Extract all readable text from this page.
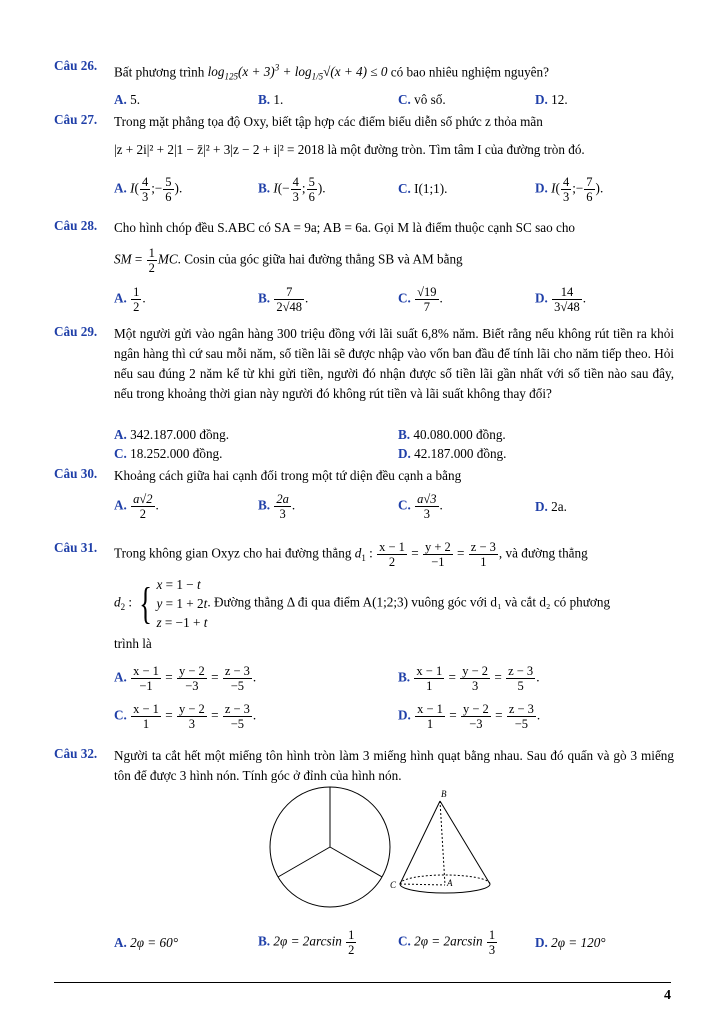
Câu 26. Bất phương trình $\log_{125}(x + 3)^3 + \log_{1/5}√(x + 4) \le 0$ có bao nhiêu nghiệm nguyên?
A. 5.	B. 1.	C. vô số.	D. 12.
Câu 27. Trong mặt phẳng tọa độ Oxy, biết tập hợp các điểm biểu diễn số phức z thỏa mãn
|z + 2i|² + 2|1 − z̄|² + 3|z − 2 + i|² = 2018 là một đường tròn. Tìm tâm I của đường tròn đó.
A. $I( \frac{4}{3}$ ;− $\frac{5}{6}$ ).	B. $I(- \frac{4}{3}$ ; $\frac{5}{6}$ ).	C. I(1;1).	D. $I( \frac{4}{3}$ ;− $\frac{7}{6}$ ).
Câu 28. Cho hình chóp đều S.ABC có SA = 9a; AB = 6a. Gọi M là điểm thuộc cạnh SC sao cho
SM = $\frac{1}{2}$ MC. Cosin của góc giữa hai đường thẳng SB và AM bằng
A. $\frac{1}{2}$ .	B. $\frac{7}{2√48}$ .	C. $\frac{√19}{7}$ .	D. $\frac{14}{3√48}$ .
Câu 29. Một người gửi vào ngân hàng 300 triệu đồng với lãi suất 6,8% năm. Biết rằng nếu không rút tiền ra khỏi ngân hàng thì cứ sau mỗi năm, số tiền lãi sẽ được nhập vào vốn ban đầu để tính lãi cho năm tiếp theo. Hỏi nếu sau đúng 2 năm kể từ khi gửi tiền, người đó nhận được số tiền lãi gần nhất với số tiền nào sau đây, nếu trong khoảng thời gian này người đó không rút tiền và lãi suất không thay đổi?
A. 342.187.000 đồng.	B. 40.080.000 đồng.
C. 18.252.000 đồng.	D. 42.187.000 đồng.
Câu 30. Khoảng cách giữa hai cạnh đối trong một tứ diện đều cạnh a bằng
A. $\frac{a√2}{2}$ .	B. $\frac{2a}{3}$ .	C. $\frac{a√3}{3}$ .	D. 2a.
Câu 31. Trong không gian Oxyz cho hai đường thẳng $d_1$ : $\frac{x - 1}{2} = \frac{y + 2}{-1} = \frac{z - 3}{1}$ , và đường thẳng
$d_2$ : { x = 1 − t
y = 1 + 2t
z = −1 + t. Đường thẳng Δ đi qua điểm A(1;2;3) vuông góc với d₁ và cắt d₂ có phương
trình là
A. $\frac{x - 1}{-1} = \frac{y - 2}{-3} = \frac{z - 3}{-5}$ .	B. $\frac{x - 1}{1} = \frac{y - 2}{3} = \frac{z - 3}{5}$ .
C. $\frac{x - 1}{1} = \frac{y - 2}{3} = \frac{z - 3}{-5}$ .	D. $\frac{x - 1}{1} = \frac{y - 2}{-3} = \frac{z - 3}{-5}$ .
Câu 32. Người ta cắt hết một miếng tôn hình tròn làm 3 miếng hình quạt bằng nhau. Sau đó quấn và gò 3 miếng tôn để được 3 hình nón. Tính góc ở đỉnh của hình nón.
B
C	A
A. 2φ = 60°	B. $2\varphi = 2\arcsin \frac{1}{2}$	C. $2\varphi = 2\arcsin \frac{1}{3}$	D. 2φ = 120°
4
